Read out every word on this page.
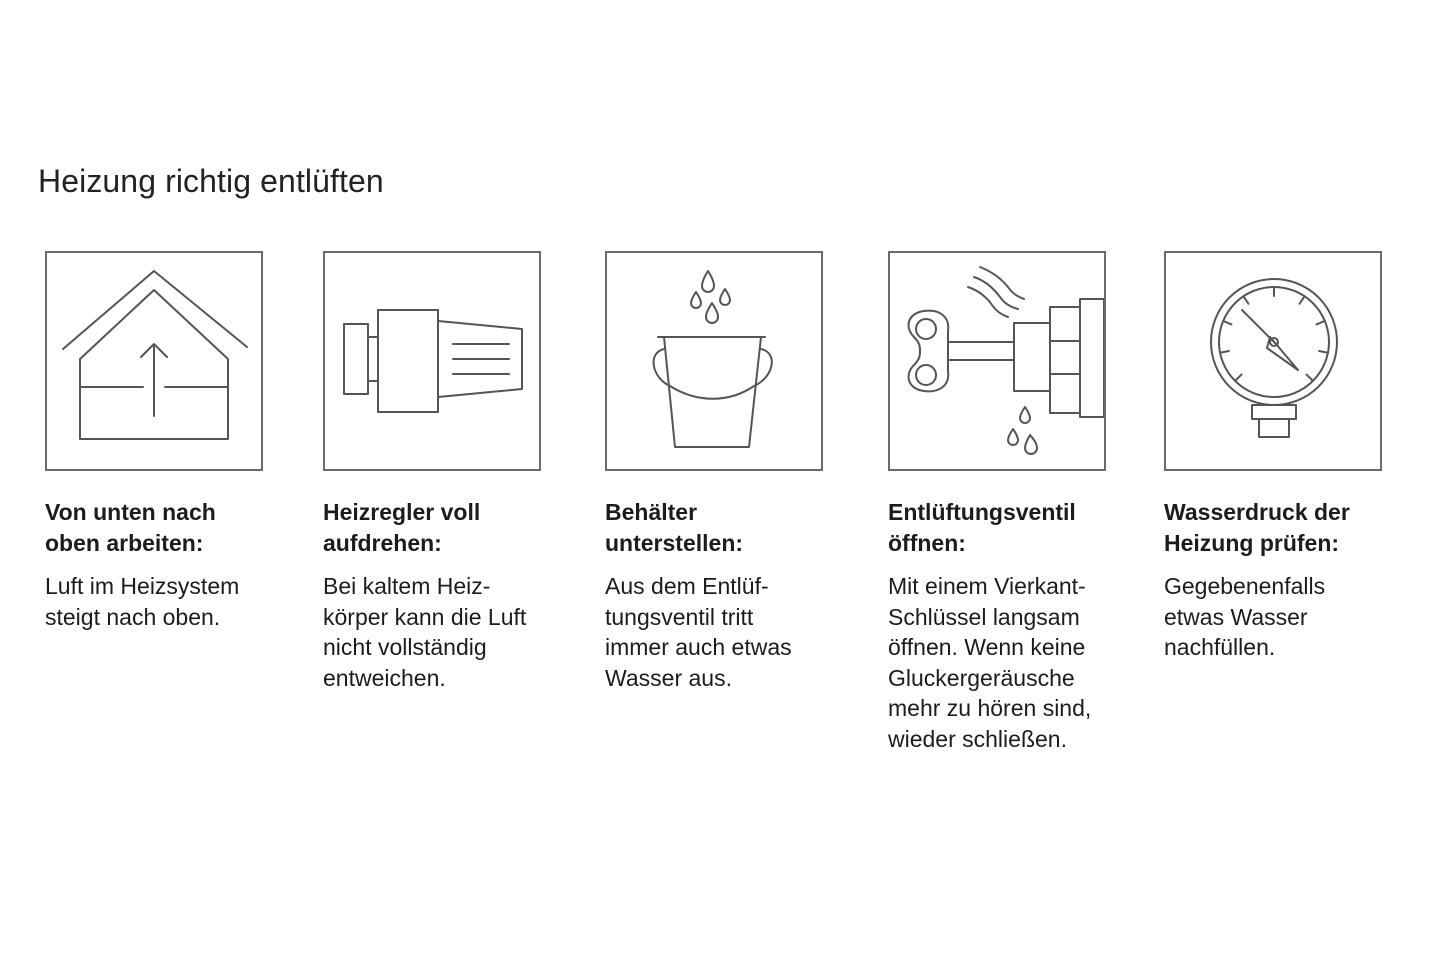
Heizung richtig entlüften
Von unten nach
oben arbeiten:
Luft im Heizsystem
steigt nach oben.
Heizregler voll
aufdrehen:
Bei kaltem Heiz-
körper kann die Luft
nicht vollständig
entweichen.
Behälter
unterstellen:
Aus dem Entlüf-
tungsventil tritt
immer auch etwas
Wasser aus.
Entlüftungsventil
öffnen:
Mit einem Vierkant-
Schlüssel langsam
öffnen. Wenn keine
Gluckergeräusche
mehr zu hören sind,
wieder schließen.
Wasserdruck der
Heizung prüfen:
Gegebenenfalls
etwas Wasser
nachfüllen.
